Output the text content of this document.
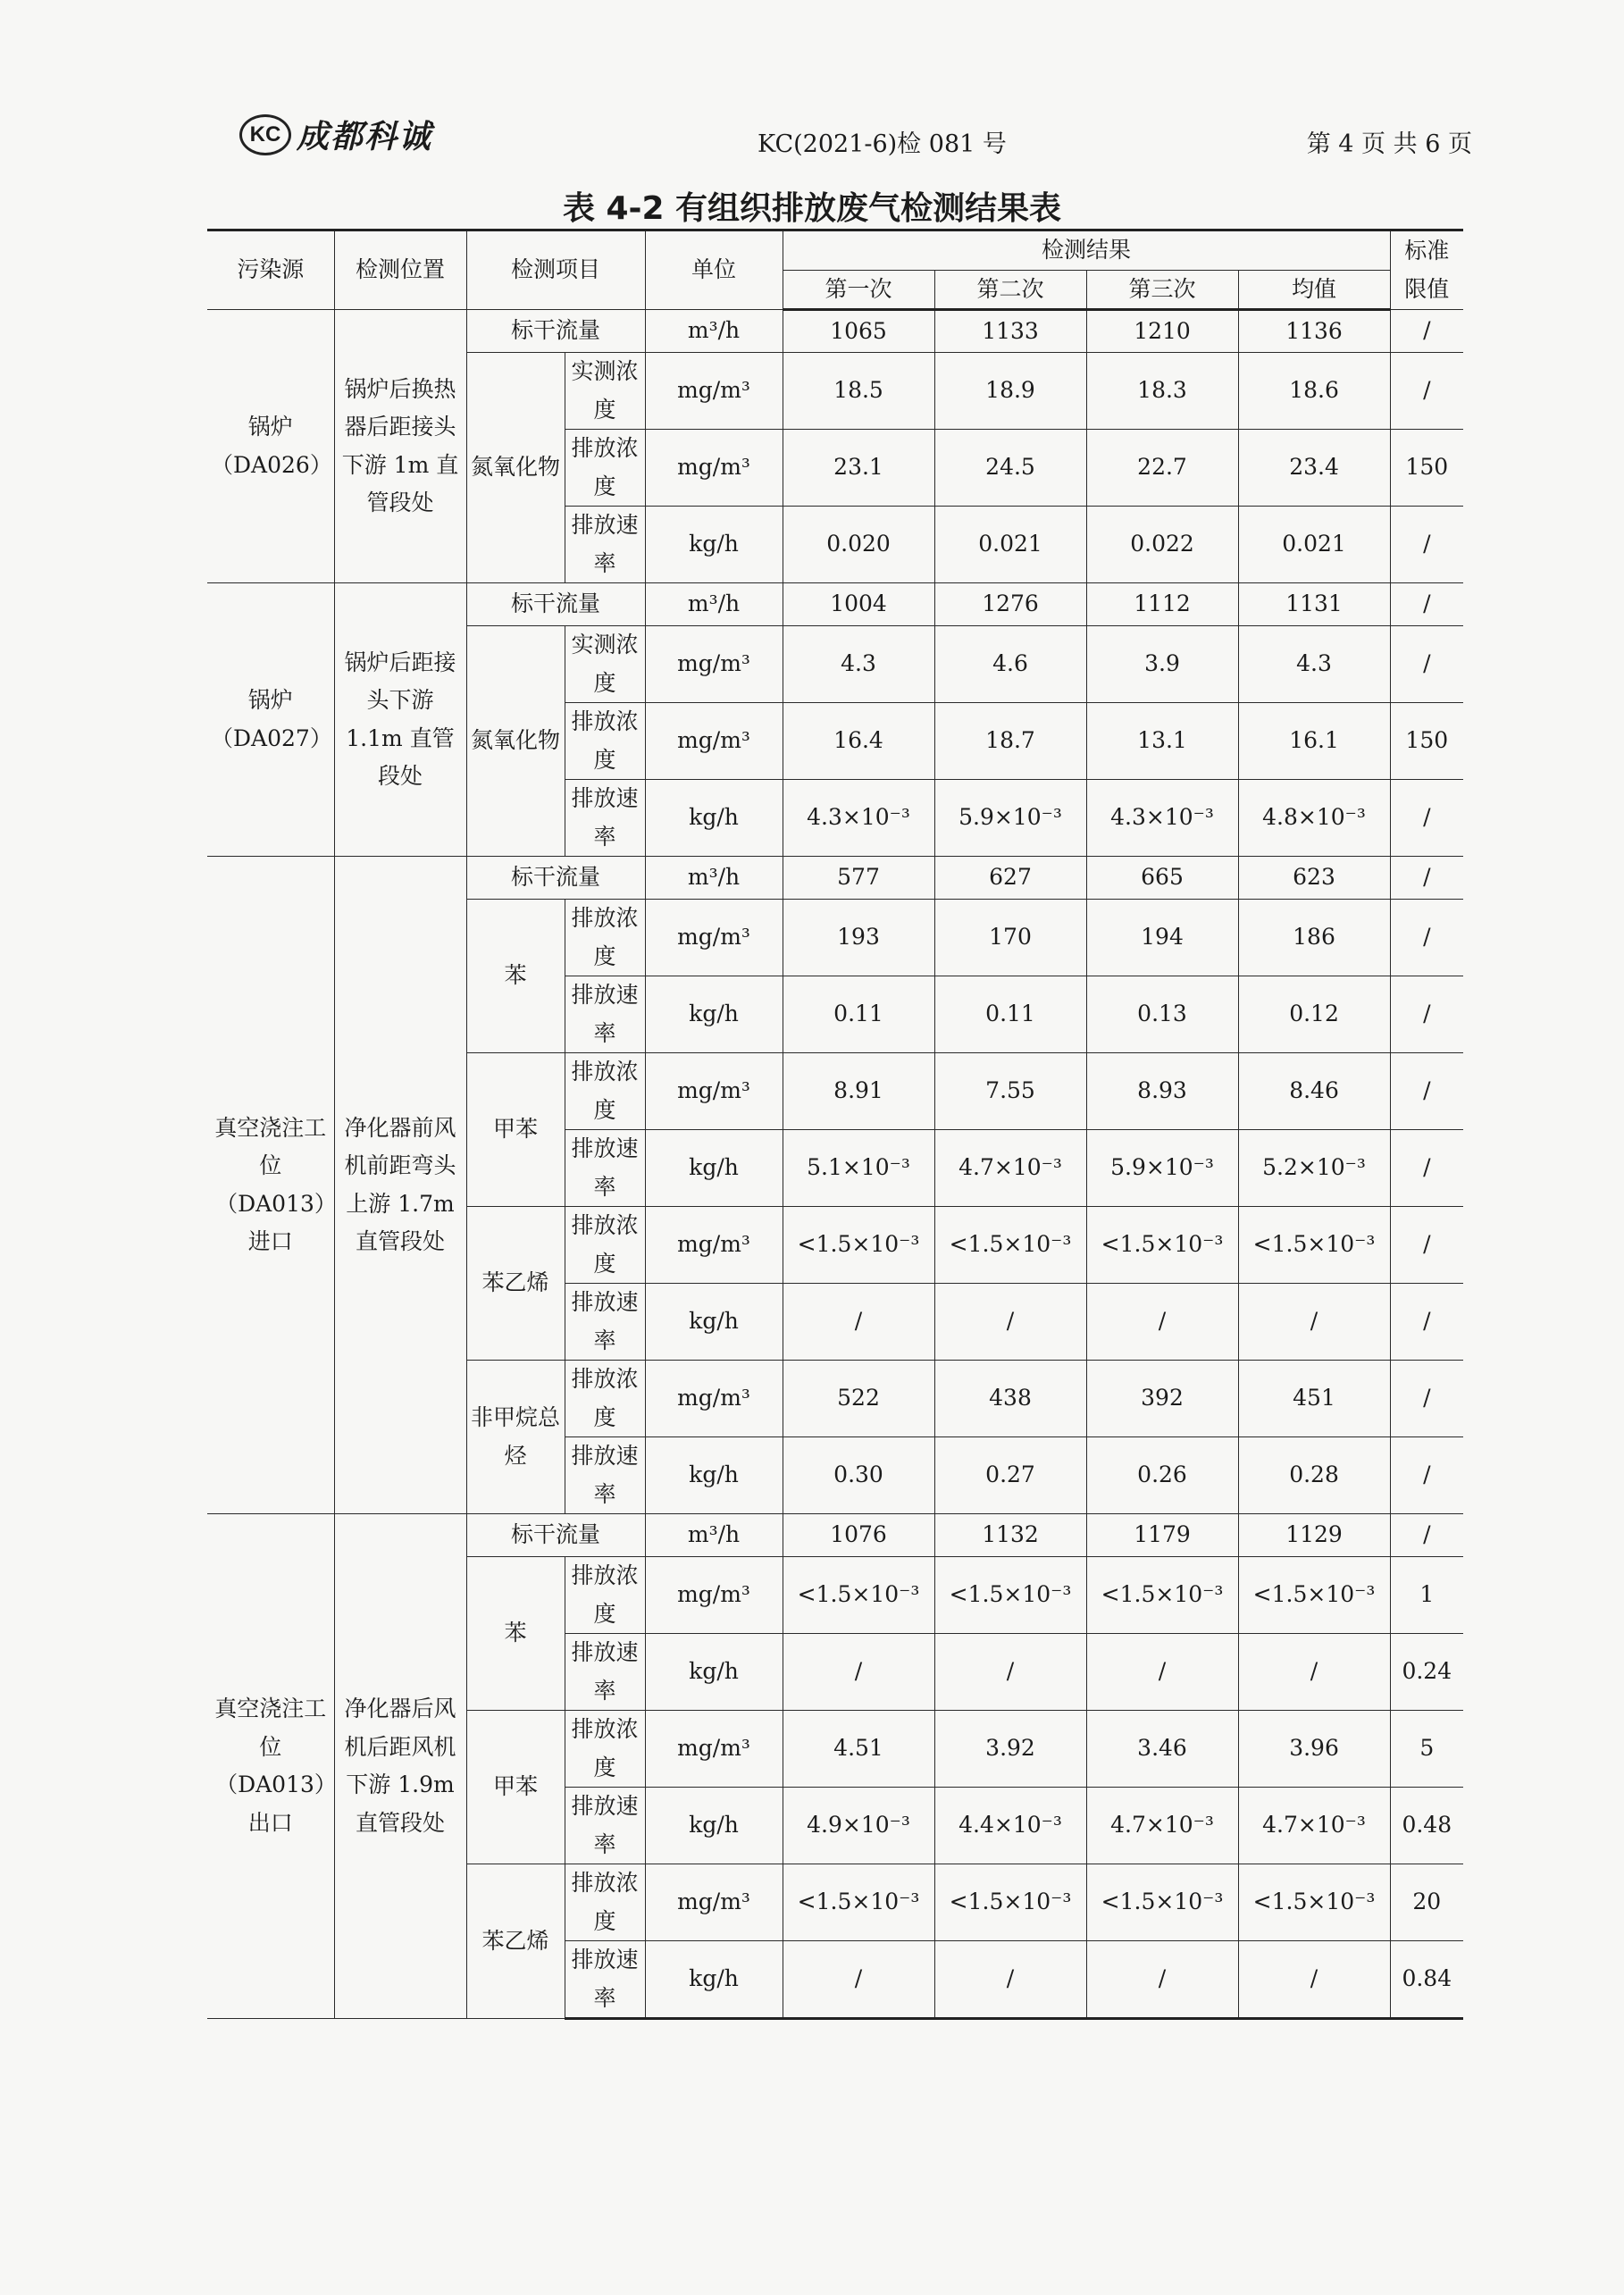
KC 成都科诚	KC(2021-6)检 081 号	第 4 页 共 6 页
表 4-2 有组织排放废气检测结果表
污染源	检测位置	检测项目		单位	检测结果				标准限值
					第一次	第二次	第三次	均值	
锅炉（DA026）	锅炉后换热器后距接头下游 1m 直管段处	标干流量		m³/h	1065	1133	1210	1136	/
		氮氧化物	实测浓度	mg/m³	18.5	18.9	18.3	18.6	/
			排放浓度	mg/m³	23.1	24.5	22.7	23.4	150
			排放速率	kg/h	0.020	0.021	0.022	0.021	/
锅炉（DA027）	锅炉后距接头下游 1.1m 直管段处	标干流量		m³/h	1004	1276	1112	1131	/
		氮氧化物	实测浓度	mg/m³	4.3	4.6	3.9	4.3	/
			排放浓度	mg/m³	16.4	18.7	13.1	16.1	150
			排放速率	kg/h	4.3×10⁻³	5.9×10⁻³	4.3×10⁻³	4.8×10⁻³	/
真空浇注工位（DA013）进口	净化器前风机前距弯头上游 1.7m 直管段处	标干流量		m³/h	577	627	665	623	/
		苯	排放浓度	mg/m³	193	170	194	186	/
			排放速率	kg/h	0.11	0.11	0.13	0.12	/
		甲苯	排放浓度	mg/m³	8.91	7.55	8.93	8.46	/
			排放速率	kg/h	5.1×10⁻³	4.7×10⁻³	5.9×10⁻³	5.2×10⁻³	/
		苯乙烯	排放浓度	mg/m³	<1.5×10⁻³	<1.5×10⁻³	<1.5×10⁻³	<1.5×10⁻³	/
			排放速率	kg/h	/	/	/	/	/
		非甲烷总烃	排放浓度	mg/m³	522	438	392	451	/
			排放速率	kg/h	0.30	0.27	0.26	0.28	/
真空浇注工位（DA013）出口	净化器后风机后距风机下游 1.9m 直管段处	标干流量		m³/h	1076	1132	1179	1129	/
		苯	排放浓度	mg/m³	<1.5×10⁻³	<1.5×10⁻³	<1.5×10⁻³	<1.5×10⁻³	1
			排放速率	kg/h	/	/	/	/	0.24
		甲苯	排放浓度	mg/m³	4.51	3.92	3.46	3.96	5
			排放速率	kg/h	4.9×10⁻³	4.4×10⁻³	4.7×10⁻³	4.7×10⁻³	0.48
		苯乙烯	排放浓度	mg/m³	<1.5×10⁻³	<1.5×10⁻³	<1.5×10⁻³	<1.5×10⁻³	20
			排放速率	kg/h	/	/	/	/	0.84
